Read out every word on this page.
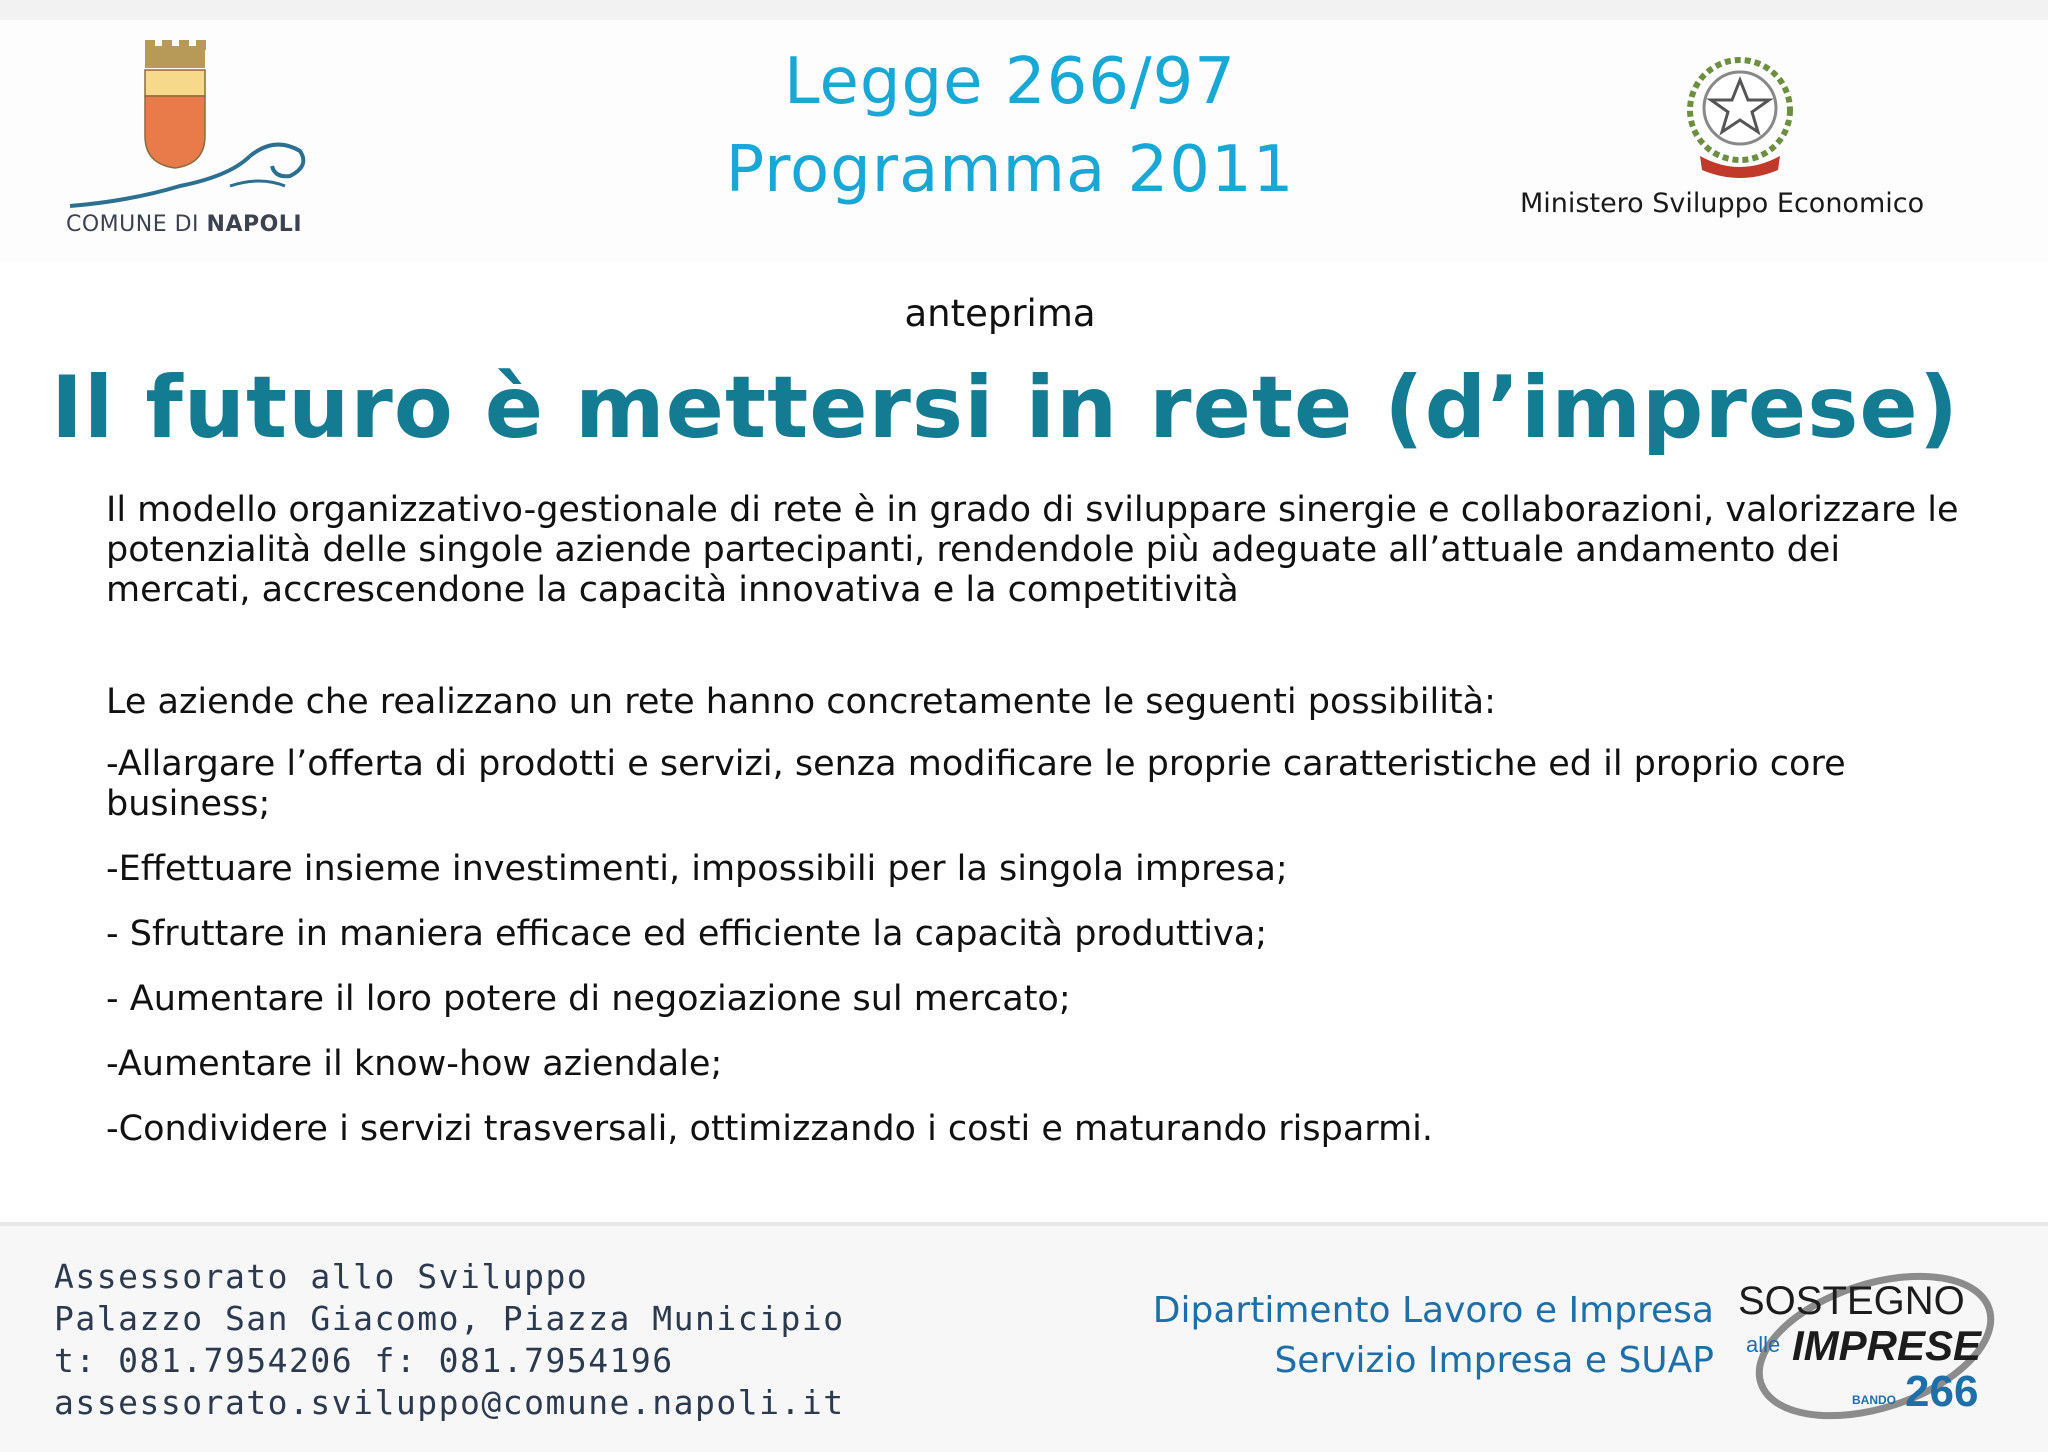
COMUNE DI NAPOLI
Legge 266/97
Programma 2011	Ministero Sviluppo Economico
anteprima
Il futuro è mettersi in rete (d’imprese)

Il modello organizzativo-gestionale di rete è in grado di sviluppare sinergie e collaborazioni, valorizzare le potenzialità delle singole aziende partecipanti, rendendole più adeguate all’attuale andamento dei mercati, accrescendone la capacità innovativa e la competitività

Le aziende che realizzano un rete hanno concretamente le seguenti possibilità:
-Allargare l’offerta di prodotti e servizi, senza modificare le proprie caratteristiche ed il proprio core business;
-Effettuare insieme investimenti, impossibili per la singola impresa;
- Sfruttare in maniera efficace ed efficiente la capacità produttiva;
- Aumentare il loro potere di negoziazione sul mercato;
-Aumentare il know-how aziendale;
-Condividere i servizi trasversali, ottimizzando i costi e maturando risparmi.
Assessorato allo Sviluppo
Palazzo San Giacomo, Piazza Municipio
t: 081.7954206 f: 081.7954196
assessorato.sviluppo@comune.napoli.it
Dipartimento Lavoro e Impresa
Servizio Impresa e SUAP
SOSTEGNO
alle IMPRESE
BANDO 266
